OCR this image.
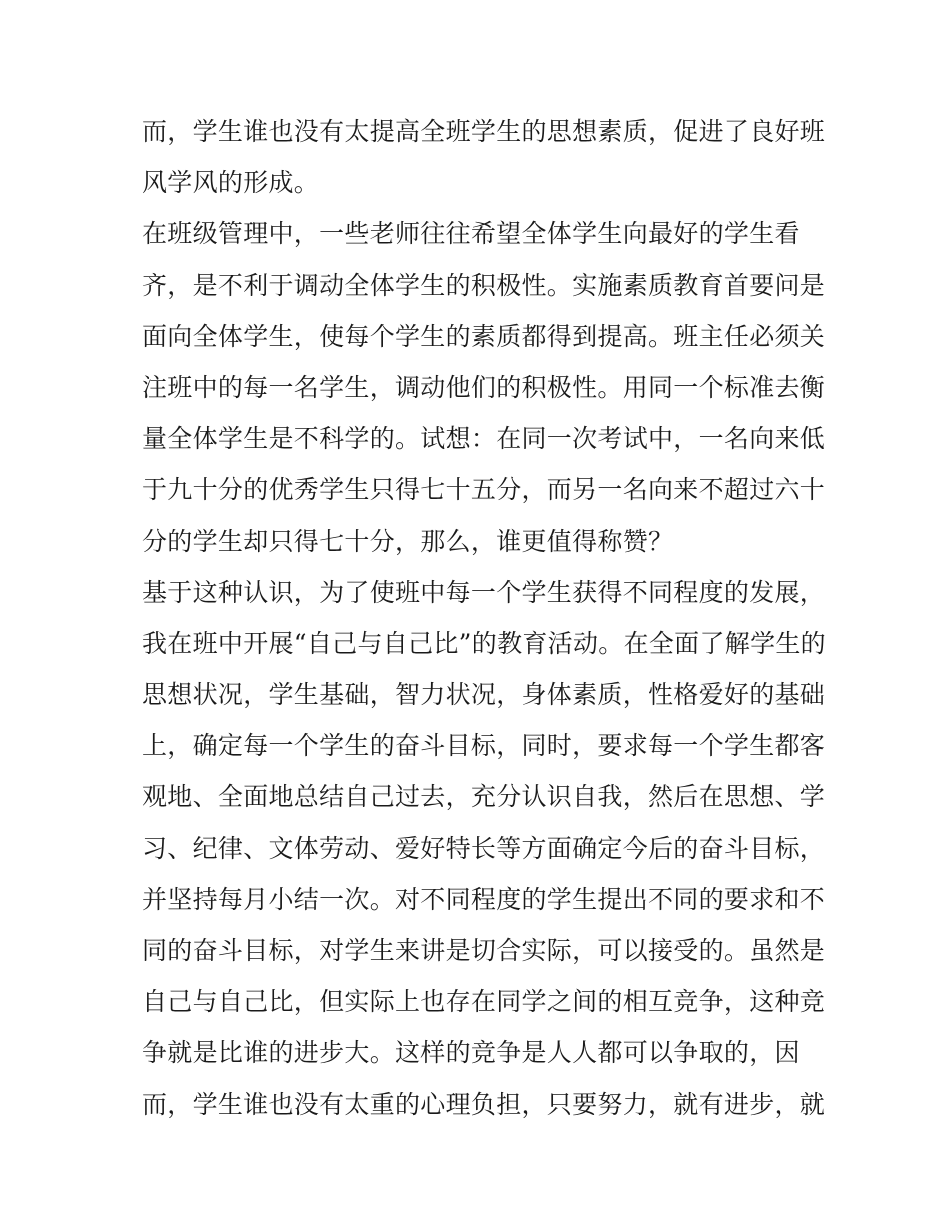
而，学生谁也没有太提高全班学生的思想素质，促进了良好班
风学风的形成。
在班级管理中，一些老师往往希望全体学生向最好的学生看
齐，是不利于调动全体学生的积极性。实施素质教育首要问是
面向全体学生，使每个学生的素质都得到提高。班主任必须关
注班中的每一名学生，调动他们的积极性。用同一个标准去衡
量全体学生是不科学的。试想：在同一次考试中，一名向来低
于九十分的优秀学生只得七十五分，而另一名向来不超过六十
分的学生却只得七十分，那么，谁更值得称赞？
基于这种认识，为了使班中每一个学生获得不同程度的发展，
我在班中开展“自己与自己比”的教育活动。在全面了解学生的
思想状况，学生基础，智力状况，身体素质，性格爱好的基础
上，确定每一个学生的奋斗目标，同时，要求每一个学生都客
观地、全面地总结自己过去，充分认识自我，然后在思想、学
习、纪律、文体劳动、爱好特长等方面确定今后的奋斗目标，
并坚持每月小结一次。对不同程度的学生提出不同的要求和不
同的奋斗目标，对学生来讲是切合实际，可以接受的。虽然是
自己与自己比，但实际上也存在同学之间的相互竞争，这种竞
争就是比谁的进步大。这样的竞争是人人都可以争取的，因
而，学生谁也没有太重的心理负担，只要努力，就有进步，就
